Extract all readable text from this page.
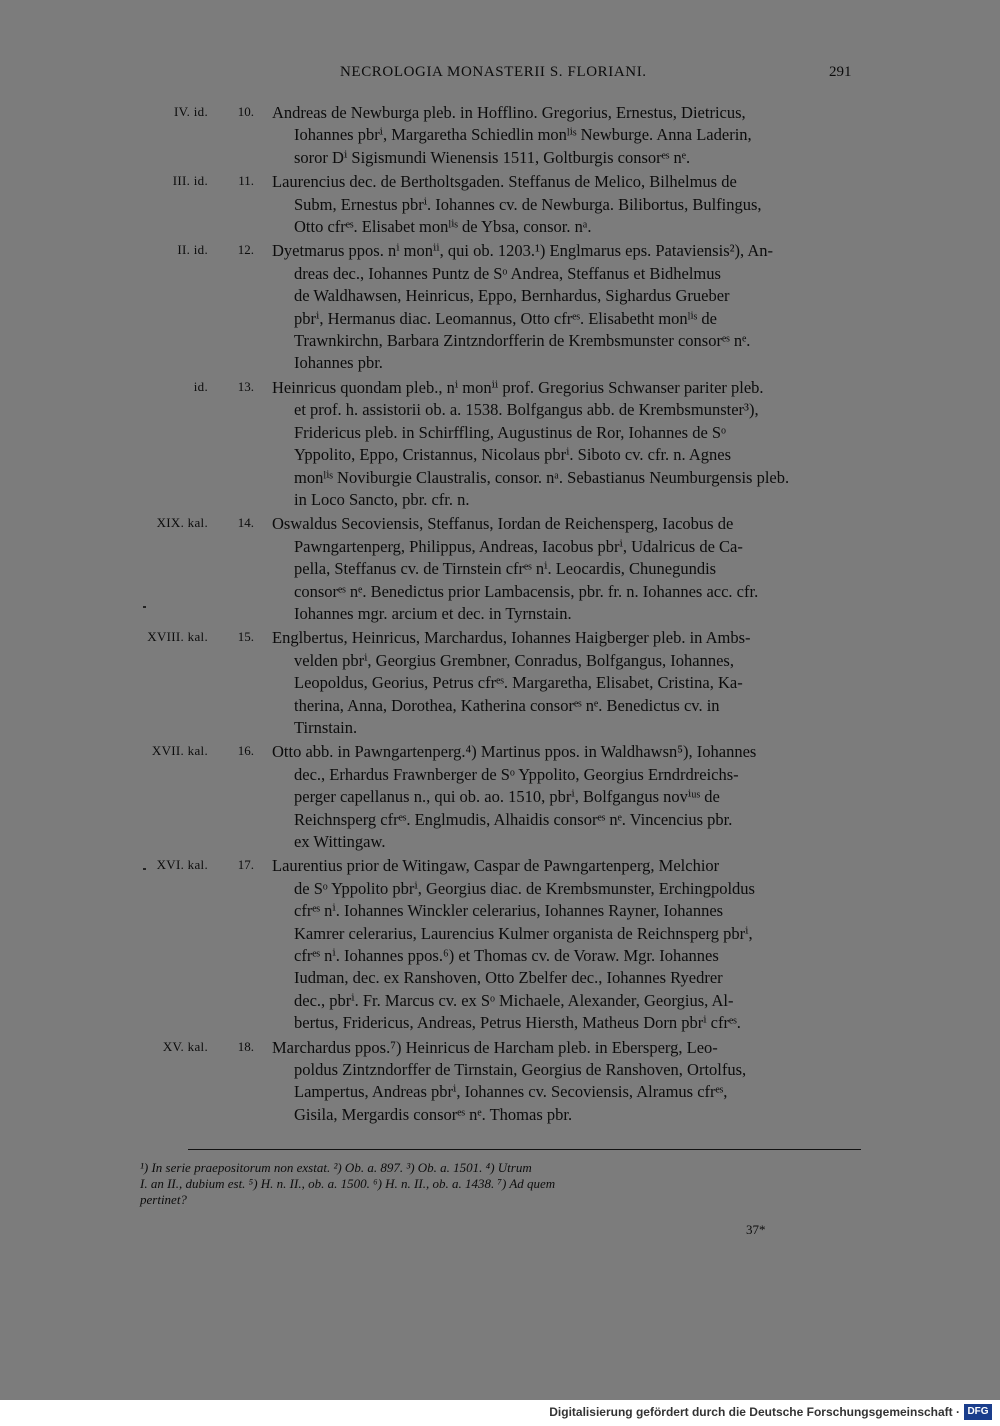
NECROLOGIA MONASTERII S. FLORIANI.	291
IV. id.	10. Andreas de Newburga pleb. in Hofflino. Gregorius, Ernestus, Dietricus,
Iohannes pbrⁱ, Margaretha Schiedlin monˡⁱˢ Newburge. Anna Laderin,
soror Dⁱ Sigismundi Wienensis 1511, Goltburgis consorᵉˢ nᵉ.
III. id.	11. Laurencius dec. de Bertholtsgaden. Steffanus de Melico, Bilhelmus de
Subm, Ernestus pbrⁱ. Iohannes cv. de Newburga. Bilibortus, Bulfingus,
Otto cfrᵉˢ. Elisabet monˡⁱˢ de Ybsa, consor. nᵃ.
II. id.	12. Dyetmarus ppos. nⁱ monⁱⁱ, qui ob. 1203.¹) Englmarus eps. Pataviensis²), An-
dreas dec., Iohannes Puntz de Sᵒ Andrea, Steffanus et Bidhelmus
de Waldhawsen, Heinricus, Eppo, Bernhardus, Sighardus Grueber
pbrⁱ, Hermanus diac. Leomannus, Otto cfrᵉˢ. Elisabetht monˡⁱˢ de
Trawnkirchn, Barbara Zintzndorfferin de Krembsmunster consorᵉˢ nᵉ.
Iohannes pbr.
id.	13. Heinricus quondam pleb., nⁱ monⁱⁱ prof. Gregorius Schwanser pariter pleb.
et prof. h. assistorii ob. a. 1538. Bolfgangus abb. de Krembsmunster³),
Fridericus pleb. in Schirffling, Augustinus de Ror, Iohannes de Sᵒ
Yppolito, Eppo, Cristannus, Nicolaus pbrⁱ. Siboto cv. cfr. n. Agnes
monˡⁱˢ Noviburgie Claustralis, consor. nᵃ. Sebastianus Neumburgensis pleb.
in Loco Sancto, pbr. cfr. n.
XIX. kal.	14. Oswaldus Secoviensis, Steffanus, Iordan de Reichensperg, Iacobus de
Pawngartenperg, Philippus, Andreas, Iacobus pbrⁱ, Udalricus de Ca-
pella, Steffanus cv. de Tirnstein cfrᵉˢ nⁱ. Leocardis, Chunegundis
consorᵉˢ nᵉ. Benedictus prior Lambacensis, pbr. fr. n. Iohannes acc. cfr.
Iohannes mgr. arcium et dec. in Tyrnstain.
XVIII. kal.	15. Englbertus, Heinricus, Marchardus, Iohannes Haigberger pleb. in Ambs-
velden pbrⁱ, Georgius Grembner, Conradus, Bolfgangus, Iohannes,
Leopoldus, Georius, Petrus cfrᵉˢ. Margaretha, Elisabet, Cristina, Ka-
therina, Anna, Dorothea, Katherina consorᵉˢ nᵉ. Benedictus cv. in
Tirnstain.
XVII. kal.	16. Otto abb. in Pawngartenperg.⁴) Martinus ppos. in Waldhawsn⁵), Iohannes
dec., Erhardus Frawnberger de Sᵒ Yppolito, Georgius Erndrdreichs-
perger capellanus n., qui ob. ao. 1510, pbrⁱ, Bolfgangus novⁱᵘˢ de
Reichnsperg cfrᵉˢ. Englmudis, Alhaidis consorᵉˢ nᵉ. Vincencius pbr.
ex Wittingaw.
XVI. kal.	17. Laurentius prior de Witingaw, Caspar de Pawngartenperg, Melchior
de Sᵒ Yppolito pbrⁱ, Georgius diac. de Krembsmunster, Erchingpoldus
cfrᵉˢ nⁱ. Iohannes Winckler celerarius, Iohannes Rayner, Iohannes
Kamrer celerarius, Laurencius Kulmer organista de Reichnsperg pbrⁱ,
cfrᵉˢ nⁱ. Iohannes ppos.⁶) et Thomas cv. de Voraw. Mgr. Iohannes
Iudman, dec. ex Ranshoven, Otto Zbelfer dec., Iohannes Ryedrer
dec., pbrⁱ. Fr. Marcus cv. ex Sᵒ Michaele, Alexander, Georgius, Al-
bertus, Fridericus, Andreas, Petrus Hiersth, Matheus Dorn pbrⁱ cfrᵉˢ.
XV. kal.	18. Marchardus ppos.⁷) Heinricus de Harcham pleb. in Ebersperg, Leo-
poldus Zintzndorffer de Tirnstain, Georgius de Ranshoven, Ortolfus,
Lampertus, Andreas pbrⁱ, Iohannes cv. Secoviensis, Alramus cfrᵉˢ,
Gisila, Mergardis consorᵉˢ nᵉ. Thomas pbr.
¹) In serie praepositorum non exstat. ²) Ob. a. 897. ³) Ob. a. 1501. ⁴) Utrum
I. an II., dubium est. ⁵) H. n. II., ob. a. 1500. ⁶) H. n. II., ob. a. 1438. ⁷) Ad quem
pertinet?
37*
Digitalisierung gefördert durch die Deutsche Forschungsgemeinschaft · DFG
